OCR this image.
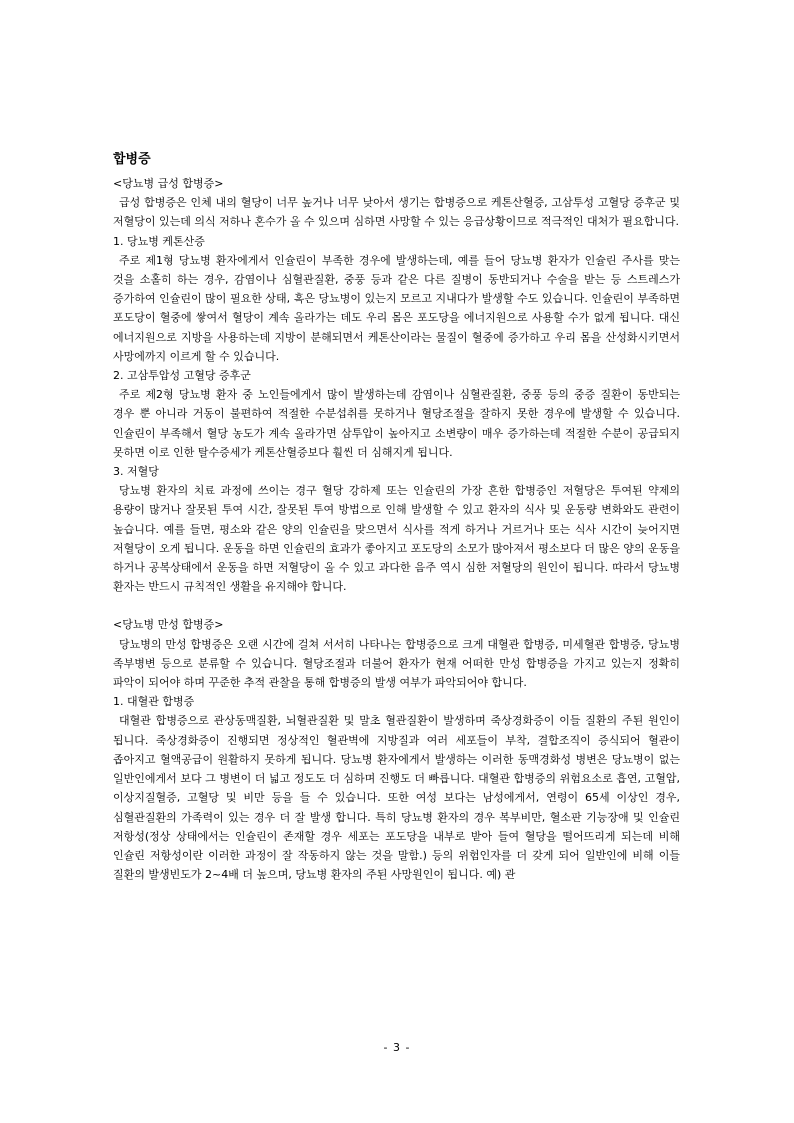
합병증

<당뇨병 급성 합병증>

급성 합병증은 인체 내의 혈당이 너무 높거나 너무 낮아서 생기는 합병증으로 케톤산혈증, 고삼투성 고혈당 증후군 및 저혈당이 있는데 의식 저하나 혼수가 올 수 있으며 심하면 사망할 수 있는 응급상황이므로 적극적인 대처가 필요합니다.

1. 당뇨병 케톤산증

주로 제1형 당뇨병 환자에게서 인슐린이 부족한 경우에 발생하는데, 예를 들어 당뇨병 환자가 인슐린 주사를 맞는 것을 소홀히 하는 경우, 감염이나 심혈관질환, 중풍 등과 같은 다른 질병이 동반되거나 수술을 받는 등 스트레스가 증가하여 인슐린이 많이 필요한 상태, 혹은 당뇨병이 있는지 모르고 지내다가 발생할 수도 있습니다. 인슐린이 부족하면 포도당이 혈중에 쌓여서 혈당이 계속 올라가는 데도 우리 몸은 포도당을 에너지원으로 사용할 수가 없게 됩니다. 대신 에너지원으로 지방을 사용하는데 지방이 분해되면서 케톤산이라는 물질이 혈중에 증가하고 우리 몸을 산성화시키면서 사망에까지 이르게 할 수 있습니다.

2. 고삼투압성 고혈당 증후군

주로 제2형 당뇨병 환자 중 노인들에게서 많이 발생하는데 감염이나 심혈관질환, 중풍 등의 중증 질환이 동반되는 경우 뿐 아니라 거동이 불편하여 적절한 수분섭취를 못하거나 혈당조절을 잘하지 못한 경우에 발생할 수 있습니다. 인슐린이 부족해서 혈당 농도가 계속 올라가면 삼투압이 높아지고 소변량이 매우 증가하는데 적절한 수분이 공급되지 못하면 이로 인한 탈수증세가 케톤산혈증보다 훨씬 더 심해지게 됩니다.

3. 저혈당

당뇨병 환자의 치료 과정에 쓰이는 경구 혈당 강하제 또는 인슐린의 가장 흔한 합병증인 저혈당은 투여된 약제의 용량이 많거나 잘못된 투여 시간, 잘못된 투여 방법으로 인해 발생할 수 있고 환자의 식사 및 운동량 변화와도 관련이 높습니다. 예를 들면, 평소와 같은 양의 인슐린을 맞으면서 식사를 적게 하거나 거르거나 또는 식사 시간이 늦어지면 저혈당이 오게 됩니다. 운동을 하면 인슐린의 효과가 좋아지고 포도당의 소모가 많아져서 평소보다 더 많은 양의 운동을 하거나 공복상태에서 운동을 하면 저혈당이 올 수 있고 과다한 음주 역시 심한 저혈당의 원인이 됩니다. 따라서 당뇨병 환자는 반드시 규칙적인 생활을 유지해야 합니다.

<당뇨병 만성 합병증>

당뇨병의 만성 합병증은 오랜 시간에 걸쳐 서서히 나타나는 합병증으로 크게 대혈관 합병증, 미세혈관 합병증, 당뇨병 족부병변 등으로 분류할 수 있습니다. 혈당조절과 더불어 환자가 현재 어떠한 만성 합병증을 가지고 있는지 정확히 파악이 되어야 하며 꾸준한 추적 관찰을 통해 합병증의 발생 여부가 파악되어야 합니다.

1. 대혈관 합병증

대혈관 합병증으로 관상동맥질환, 뇌혈관질환 및 말초 혈관질환이 발생하며 죽상경화증이 이들 질환의 주된 원인이 됩니다. 죽상경화증이 진행되면 정상적인 혈관벽에 지방질과 여러 세포들이 부착, 결합조직이 증식되어 혈관이 좁아지고 혈액공급이 원활하지 못하게 됩니다. 당뇨병 환자에게서 발생하는 이러한 동맥경화성 병변은 당뇨병이 없는 일반인에게서 보다 그 병변이 더 넓고 정도도 더 심하며 진행도 더 빠릅니다. 대혈관 합병증의 위험요소로 흡연, 고혈압, 이상지질혈증, 고혈당 및 비만 등을 들 수 있습니다. 또한 여성 보다는 남성에게서, 연령이 65세 이상인 경우, 심혈관질환의 가족력이 있는 경우 더 잘 발생 합니다. 특히 당뇨병 환자의 경우 복부비만, 혈소판 기능장애 및 인슐린 저항성(정상 상태에서는 인슐린이 존재할 경우 세포는 포도당을 내부로 받아 들여 혈당을 떨어뜨리게 되는데 비해 인슐린 저항성이란 이러한 과정이 잘 작동하지 않는 것을 말함.) 등의 위험인자를 더 갖게 되어 일반인에 비해 이들 질환의 발생빈도가 2~4배 더 높으며, 당뇨병 환자의 주된 사망원인이 됩니다. 예) 관

- 3 -
